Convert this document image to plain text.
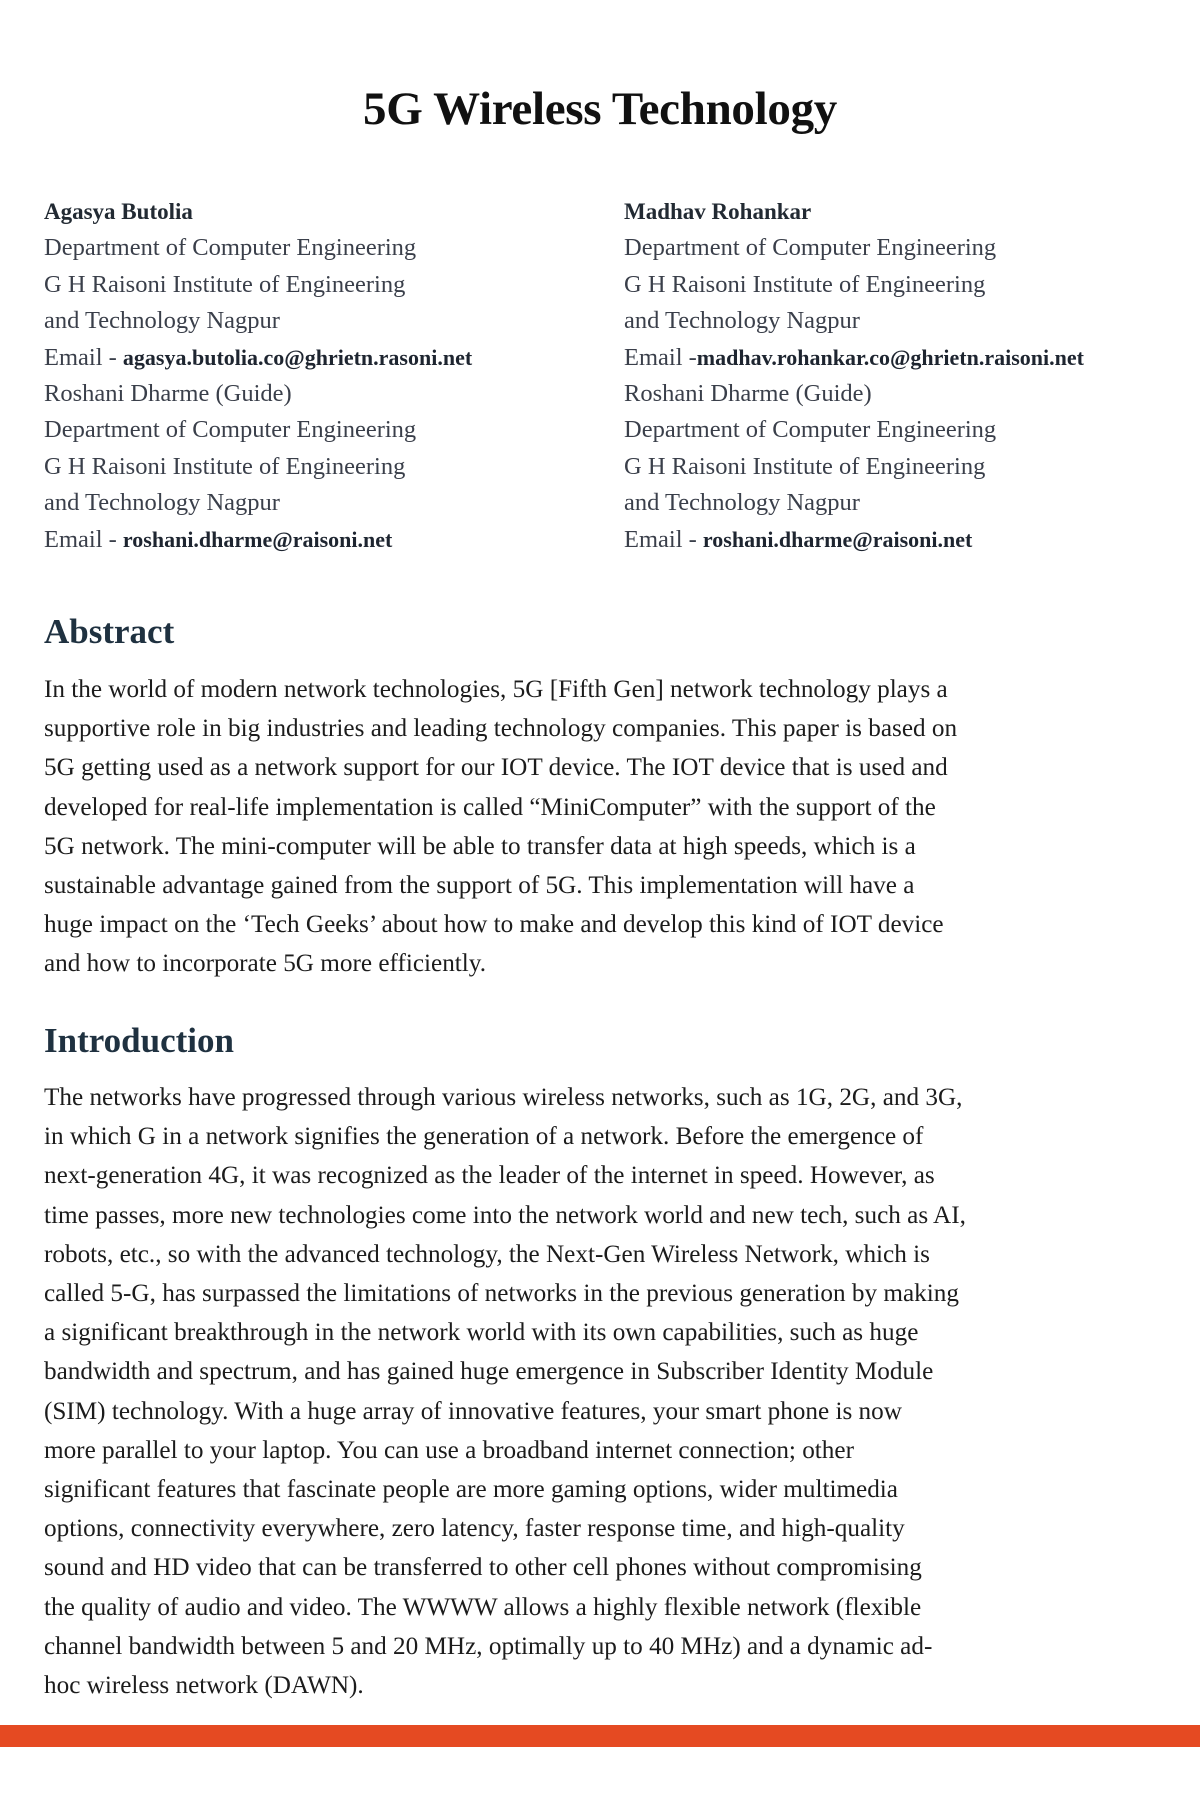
5G Wireless Technology
Agasya Butolia
Department of Computer Engineering
G H Raisoni Institute of Engineering
and Technology Nagpur
Email - agasya.butolia.co@ghrietn.rasoni.net
Roshani Dharme (Guide)
Department of Computer Engineering
G H Raisoni Institute of Engineering
and Technology Nagpur
Email - roshani.dharme@raisoni.net
Madhav Rohankar
Department of Computer Engineering
G H Raisoni Institute of Engineering
and Technology Nagpur
Email -madhav.rohankar.co@ghrietn.raisoni.net
Roshani Dharme (Guide)
Department of Computer Engineering
G H Raisoni Institute of Engineering
and Technology Nagpur
Email - roshani.dharme@raisoni.net
Abstract
In the world of modern network technologies, 5G [Fifth Gen] network technology plays a
supportive role in big industries and leading technology companies. This paper is based on
5G getting used as a network support for our IOT device. The IOT device that is used and
developed for real-life implementation is called “MiniComputer” with the support of the
5G network. The mini-computer will be able to transfer data at high speeds, which is a
sustainable advantage gained from the support of 5G. This implementation will have a
huge impact on the ‘Tech Geeks’ about how to make and develop this kind of IOT device
and how to incorporate 5G more efficiently.
Introduction
The networks have progressed through various wireless networks, such as 1G, 2G, and 3G,
in which G in a network signifies the generation of a network. Before the emergence of
next-generation 4G, it was recognized as the leader of the internet in speed. However, as
time passes, more new technologies come into the network world and new tech, such as AI,
robots, etc., so with the advanced technology, the Next-Gen Wireless Network, which is
called 5-G, has surpassed the limitations of networks in the previous generation by making
a significant breakthrough in the network world with its own capabilities, such as huge
bandwidth and spectrum, and has gained huge emergence in Subscriber Identity Module
(SIM) technology. With a huge array of innovative features, your smart phone is now
more parallel to your laptop. You can use a broadband internet connection; other
significant features that fascinate people are more gaming options, wider multimedia
options, connectivity everywhere, zero latency, faster response time, and high-quality
sound and HD video that can be transferred to other cell phones without compromising
the quality of audio and video. The WWWW allows a highly flexible network (flexible
channel bandwidth between 5 and 20 MHz, optimally up to 40 MHz) and a dynamic ad-
hoc wireless network (DAWN).
